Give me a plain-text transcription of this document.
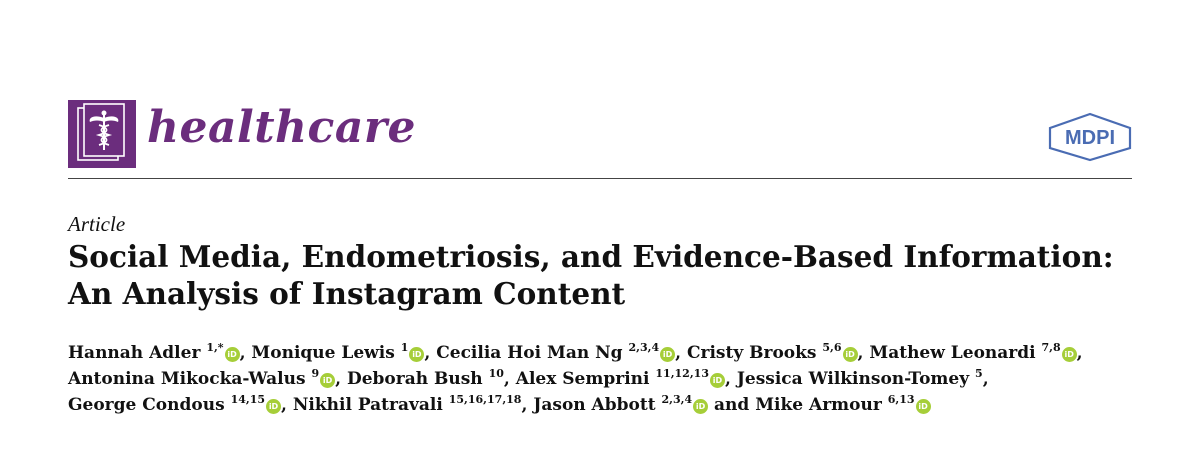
healthcare	MDPI
Article
Social Media, Endometriosis, and Evidence-Based Information:
An Analysis of Instagram Content
Hannah Adler $^{1,*}$iD , Monique Lewis $^1$iD , Cecilia Hoi Man Ng $^{2,3,4}$iD , Cristy Brooks $^{5,6}$iD , Mathew Leonardi $^{7,8}$iD ,
Antonina Mikocka-Walus $^9$iD , Deborah Bush $^{10}$, Alex Semprini $^{11,12,13}$iD , Jessica Wilkinson-Tomey $^5$,
George Condous $^{14,15}$iD , Nikhil Patravali $^{15,16,17,18}$, Jason Abbott $^{2,3,4}$iD and Mike Armour $^{6,13}$iD
